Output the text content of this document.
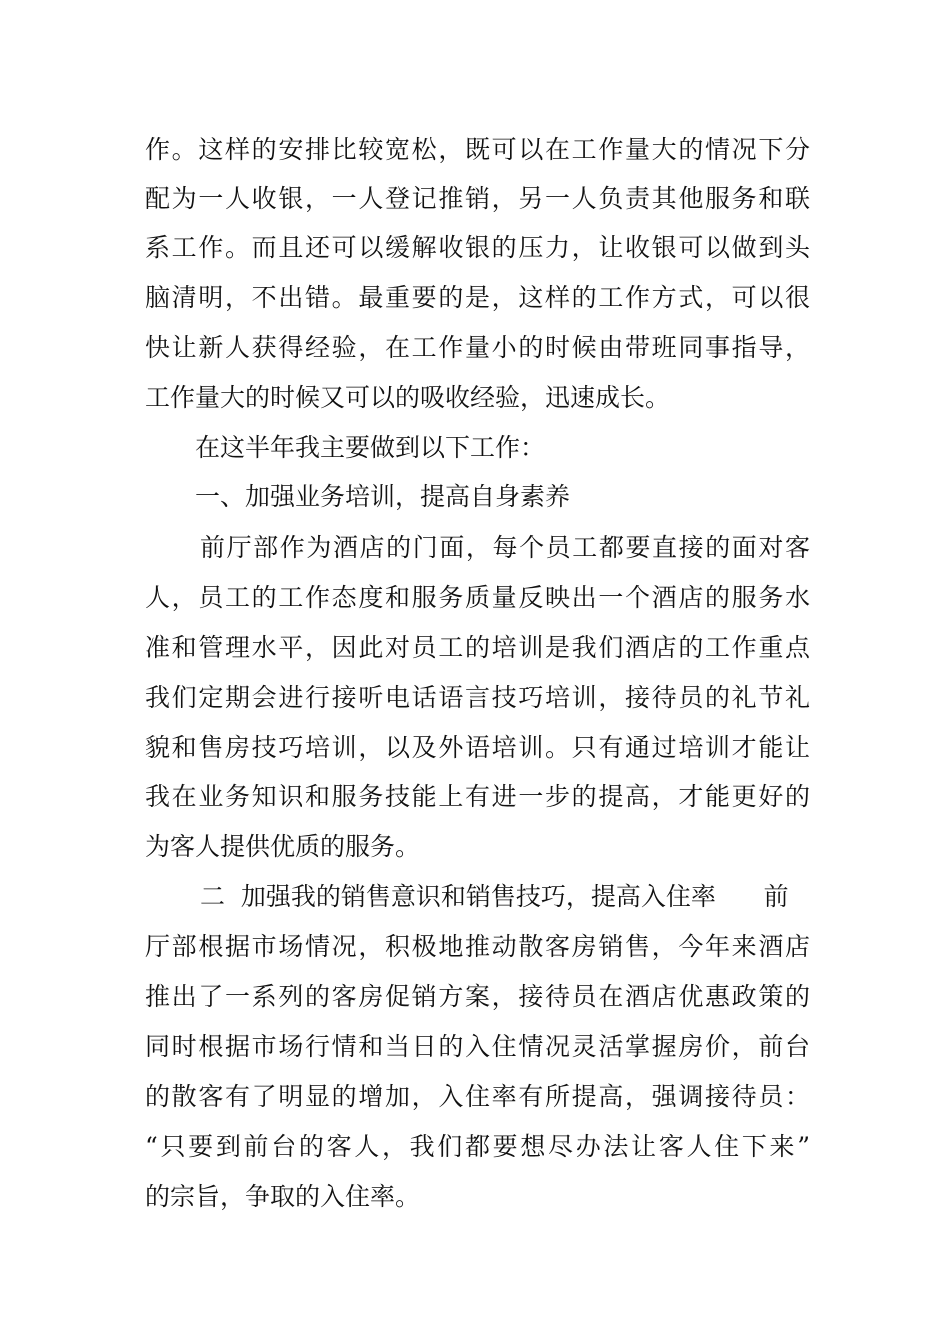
作。这样的安排比较宽松，既可以在工作量大的情况下分
配为一人收银，一人登记推销，另一人负责其他服务和联
系工作。而且还可以缓解收银的压力，让收银可以做到头
脑清明，不出错。最重要的是，这样的工作方式，可以很
快让新人获得经验，在工作量小的时候由带班同事指导，
工作量大的时候又可以的吸收经验，迅速成长。
在这半年我主要做到以下工作：
一、加强业务培训，提高自身素养
前厅部作为酒店的门面，每个员工都要直接的面对客
人，员工的工作态度和服务质量反映出一个酒店的服务水
准和管理水平，因此对员工的培训是我们酒店的工作重点
我们定期会进行接听电话语言技巧培训，接待员的礼节礼
貌和售房技巧培训，以及外语培训。只有通过培训才能让
我在业务知识和服务技能上有进一步的提高，才能更好的
为客人提供优质的服务。
二  加强我的销售意识和销售技巧，提高入住率      前
厅部根据市场情况，积极地推动散客房销售，今年来酒店
推出了一系列的客房促销方案，接待员在酒店优惠政策的
同时根据市场行情和当日的入住情况灵活掌握房价，前台
的散客有了明显的增加，入住率有所提高，强调接待员：
“只要到前台的客人，我们都要想尽办法让客人住下来”
的宗旨，争取的入住率。
